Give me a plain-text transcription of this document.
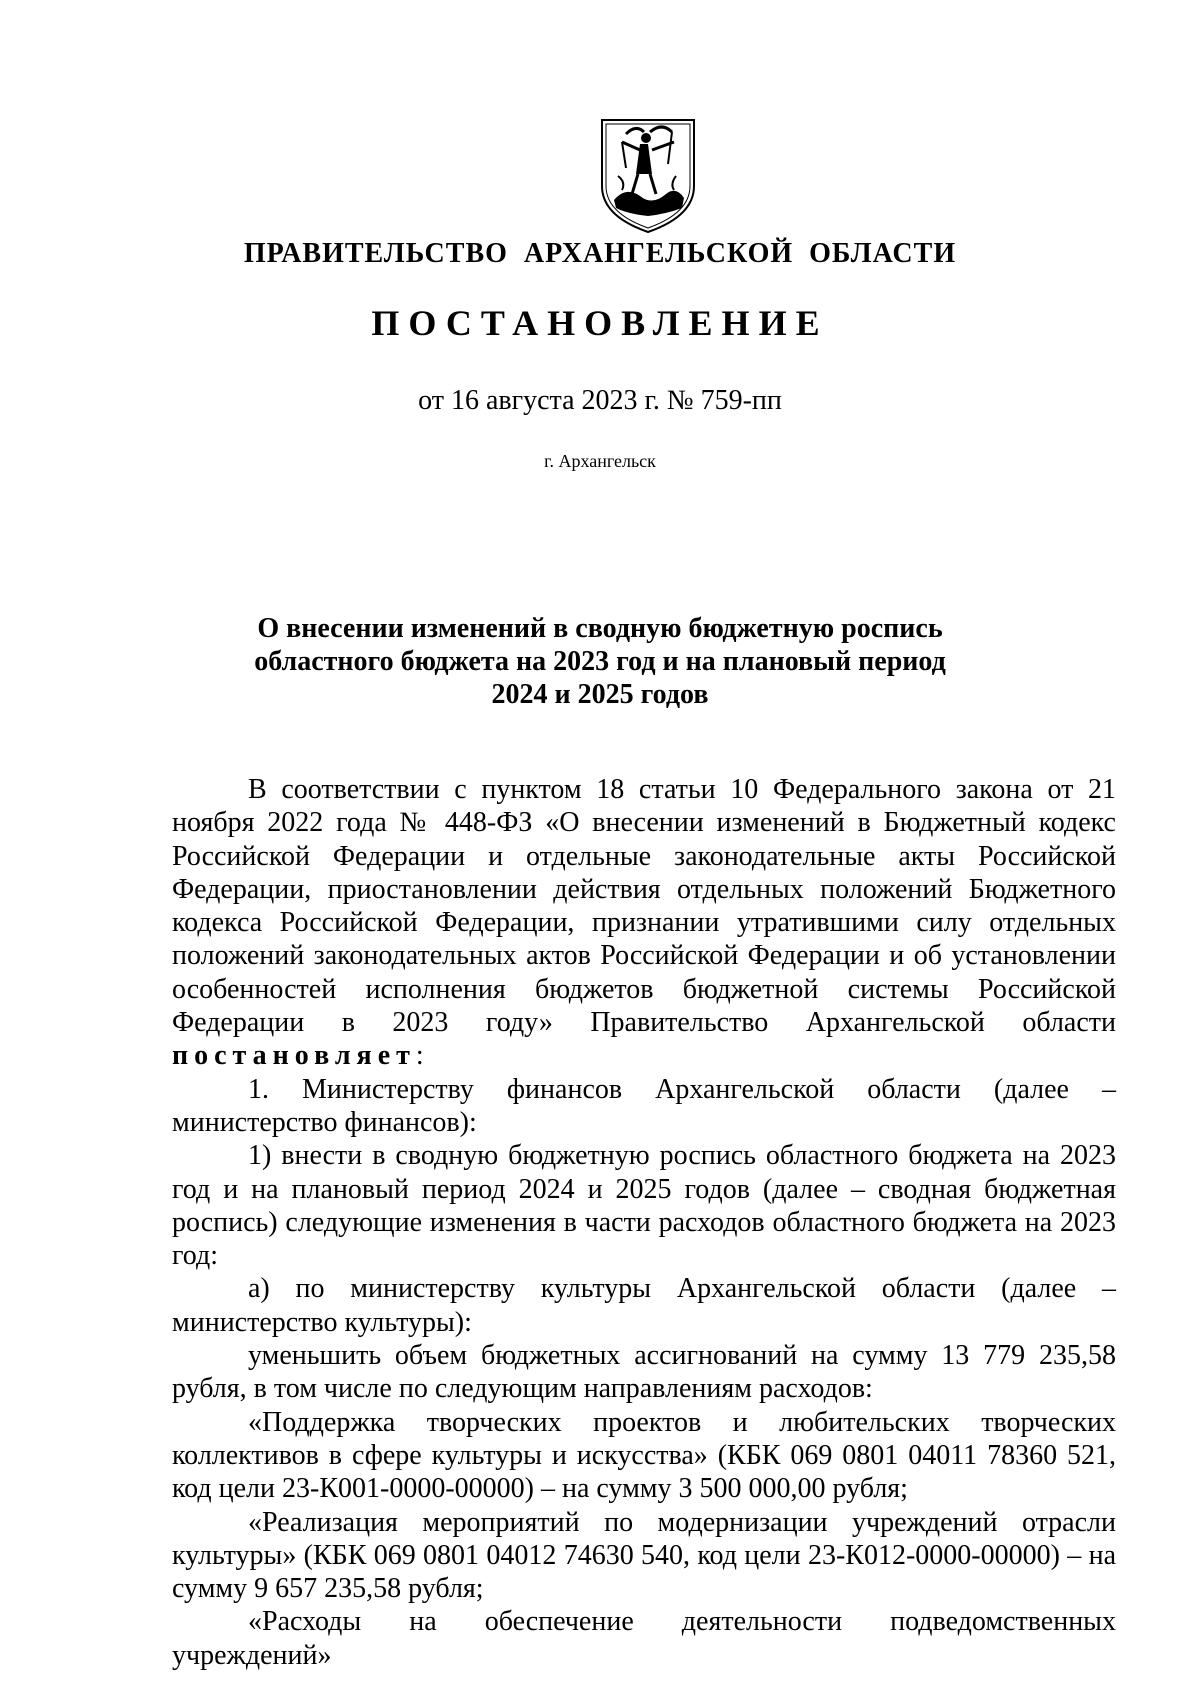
ПРАВИТЕЛЬСТВО АРХАНГЕЛЬСКОЙ ОБЛАСТИ
ПОСТАНОВЛЕНИЕ
от 16 августа 2023 г. № 759-пп
г. Архангельск
О внесении изменений в сводную бюджетную роспись
областного бюджета на 2023 год и на плановый период
2024 и 2025 годов

В соответствии с пунктом 18 статьи 10 Федерального закона от 21 ноября 2022 года № 448-ФЗ «О внесении изменений в Бюджетный кодекс Российской Федерации и отдельные законодательные акты Российской Федерации, приостановлении действия отдельных положений Бюджетного кодекса Российской Федерации, признании утратившими силу отдельных положений законодательных актов Российской Федерации и об установлении особенностей исполнения бюджетов бюджетной системы Российской Федерации в 2023 году» Правительство Архангельской области постановляет:

1. Министерству финансов Архангельской области (далее – министерство финансов):

1) внести в сводную бюджетную роспись областного бюджета на 2023 год и на плановый период 2024 и 2025 годов (далее – сводная бюджетная роспись) следующие изменения в части расходов областного бюджета на 2023 год:

а) по министерству культуры Архангельской области (далее – министерство культуры):

уменьшить объем бюджетных ассигнований на сумму 13 779 235,58 рубля, в том числе по следующим направлениям расходов:

«Поддержка творческих проектов и любительских творческих коллективов в сфере культуры и искусства» (КБК 069 0801 04011 78360 521, код цели 23-К001-0000-00000) – на сумму 3 500 000,00 рубля;

«Реализация мероприятий по модернизации учреждений отрасли культуры» (КБК 069 0801 04012 74630 540, код цели 23-К012-0000-00000) – на сумму 9 657 235,58 рубля;

«Расходы на обеспечение деятельности подведомственных учреждений»
